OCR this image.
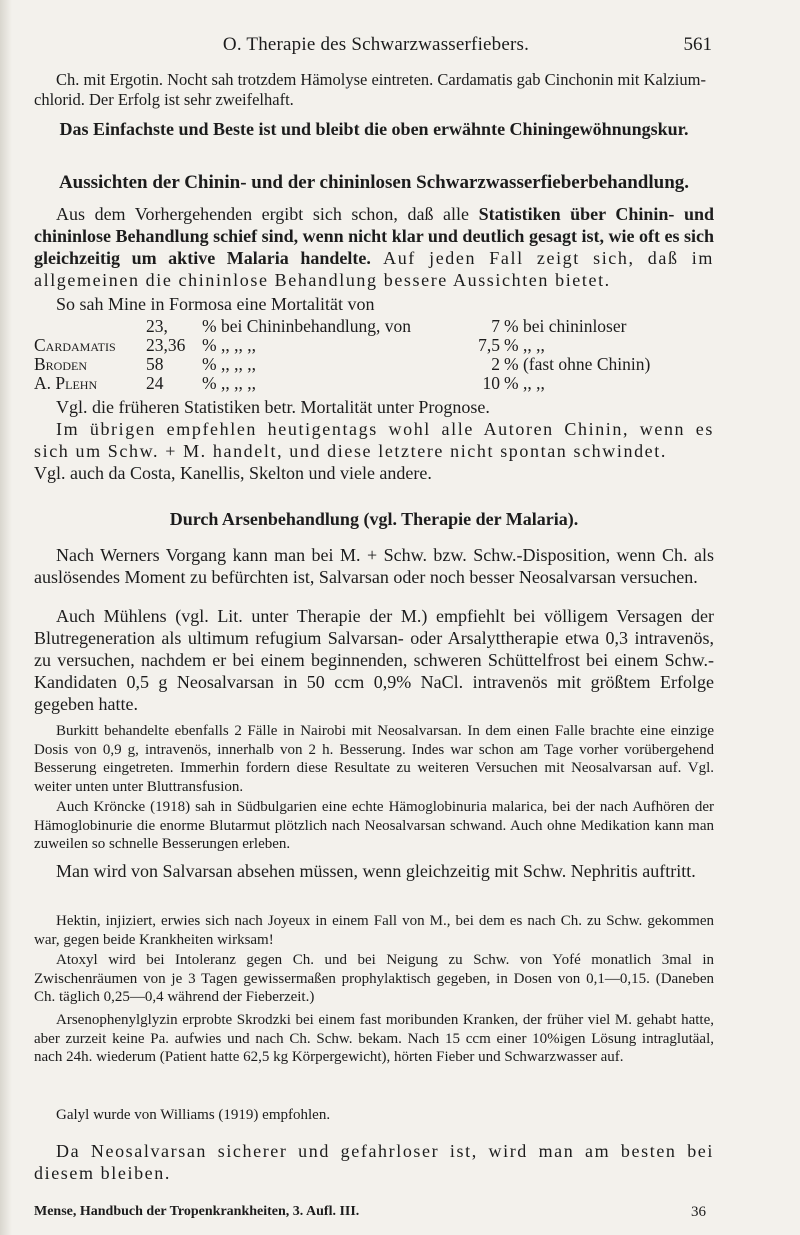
O. Therapie des Schwarzwasserfiebers.	561

Ch. mit Ergotin. Nocht sah trotzdem Hämolyse eintreten. Cardamatis gab Cinchonin mit Kalzium-

chlorid. Der Erfolg ist sehr zweifelhaft.

Das Einfachste und Beste ist und bleibt die oben erwähnte Chiningewöhnungskur.

Aussichten der Chinin- und der chininlosen Schwarzwasserfieberbehandlung.

Aus dem Vorhergehenden ergibt sich schon, daß alle Statistiken über Chinin- und chininlose Behandlung schief sind, wenn nicht klar und deutlich gesagt ist, wie oft es sich gleichzeitig um aktive Malaria handelte. Auf jeden Fall zeigt sich, daß im allgemeinen die chininlose Behandlung bessere Aussichten bietet.

So sah Mine in Formosa eine Mortalität von

	23,	% bei Chininbehandlung, von	7	% bei chininloser
Cardamatis	23,36	% ,, ,, ,,	7,5	% ,, ,,
Broden	58	% ,, ,, ,,	2	% (fast ohne Chinin)
A. Plehn	24	% ,, ,, ,,	10	% ,, ,,

Vgl. die früheren Statistiken betr. Mortalität unter Prognose.

Im übrigen empfehlen heutigentags wohl alle Autoren Chinin, wenn es sich um Schw. + M. handelt, und diese letztere nicht spontan schwindet.

Vgl. auch da Costa, Kanellis, Skelton und viele andere.

Durch Arsenbehandlung (vgl. Therapie der Malaria).

Nach Werners Vorgang kann man bei M. + Schw. bzw. Schw.-Disposition, wenn Ch. als auslösendes Moment zu befürchten ist, Salvarsan oder noch besser Neosalvarsan versuchen.

Auch Mühlens (vgl. Lit. unter Therapie der M.) empfiehlt bei völligem Versagen der Blutregeneration als ultimum refugium Salvarsan- oder Arsalyttherapie etwa 0,3 intravenös, zu versuchen, nachdem er bei einem beginnenden, schweren Schüttelfrost bei einem Schw.-Kandidaten 0,5 g Neosalvarsan in 50 ccm 0,9% NaCl. intravenös mit größtem Erfolge gegeben hatte.

Burkitt behandelte ebenfalls 2 Fälle in Nairobi mit Neosalvarsan. In dem einen Falle brachte eine einzige Dosis von 0,9 g, intravenös, innerhalb von 2 h. Besserung. Indes war schon am Tage vorher vorübergehend Besserung eingetreten. Immerhin fordern diese Resultate zu weiteren Versuchen mit Neosalvarsan auf. Vgl. weiter unten unter Bluttransfusion.

Auch Kröncke (1918) sah in Südbulgarien eine echte Hämoglobinuria malarica, bei der nach Aufhören der Hämoglobinurie die enorme Blutarmut plötzlich nach Neosalvarsan schwand. Auch ohne Medikation kann man zuweilen so schnelle Besserungen erleben.

Man wird von Salvarsan absehen müssen, wenn gleichzeitig mit Schw. Nephritis auftritt.

Hektin, injiziert, erwies sich nach Joyeux in einem Fall von M., bei dem es nach Ch. zu Schw. gekommen war, gegen beide Krankheiten wirksam!

Atoxyl wird bei Intoleranz gegen Ch. und bei Neigung zu Schw. von Yofé monatlich 3mal in Zwischenräumen von je 3 Tagen gewissermaßen prophylaktisch gegeben, in Dosen von 0,1—0,15. (Daneben Ch. täglich 0,25—0,4 während der Fieberzeit.)

Arsenophenylglyzin erprobte Skrodzki bei einem fast moribunden Kranken, der früher viel M. gehabt hatte, aber zurzeit keine Pa. aufwies und nach Ch. Schw. bekam. Nach 15 ccm einer 10%igen Lösung intraglutäal, nach 24h. wiederum (Patient hatte 62,5 kg Körpergewicht), hörten Fieber und Schwarzwasser auf.

Galyl wurde von Williams (1919) empfohlen.

Da Neosalvarsan sicherer und gefahrloser ist, wird man am besten bei diesem bleiben.

Mense, Handbuch der Tropenkrankheiten, 3. Aufl. III.	36
